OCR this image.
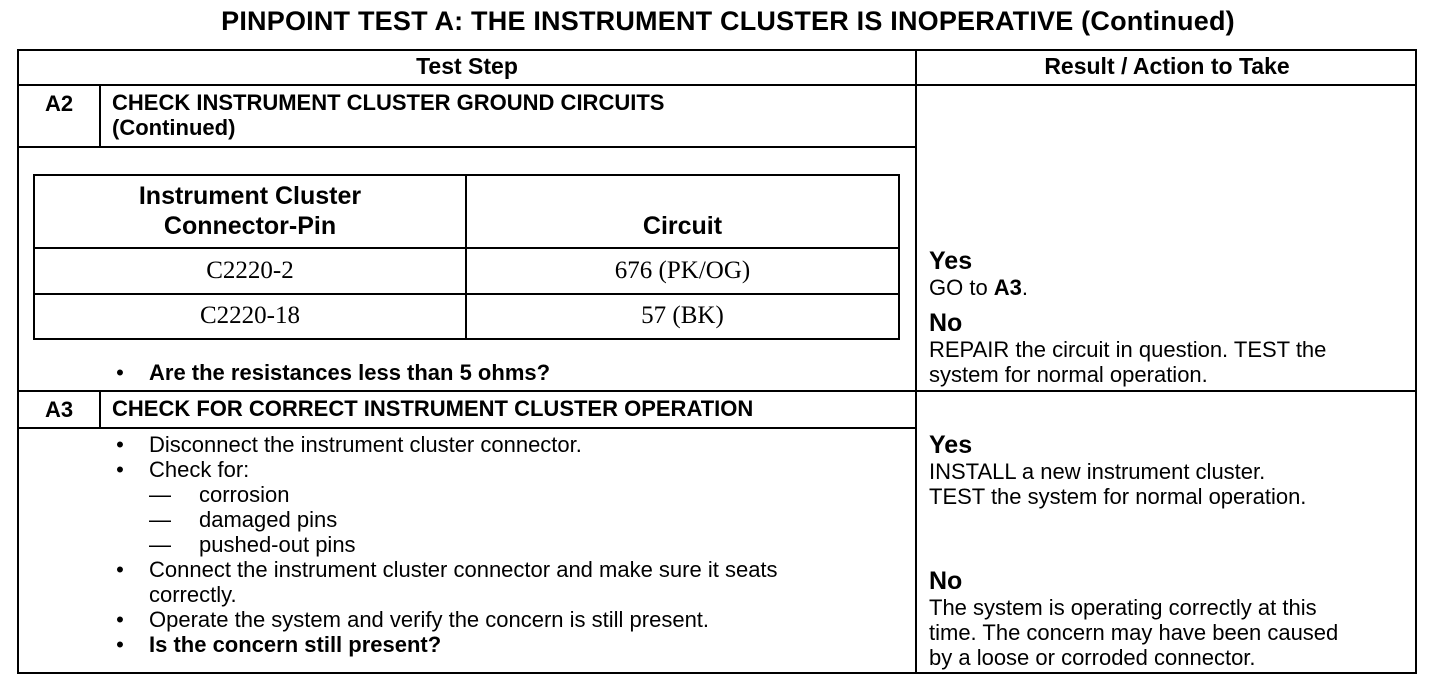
PINPOINT TEST A: THE INSTRUMENT CLUSTER IS INOPERATIVE (Continued)
Test Step	Result / Action to Take
A2	CHECK INSTRUMENT CLUSTER GROUND CIRCUITS
(Continued)
Instrument Cluster
Connector-Pin	Circuit
C2220-2	676 (PK/OG)
C2220-18	57 (BK)
•	Are the resistances less than 5 ohms?
Yes
GO to A3.
No
REPAIR the circuit in question. TEST the
system for normal operation.
A3	CHECK FOR CORRECT INSTRUMENT CLUSTER OPERATION
•	Disconnect the instrument cluster connector.
•	Check for:
—	corrosion
—	damaged pins
—	pushed-out pins
•	Connect the instrument cluster connector and make sure it seats
correctly.
•	Operate the system and verify the concern is still present.
•	Is the concern still present?
Yes
INSTALL a new instrument cluster.
TEST the system for normal operation.
No
The system is operating correctly at this
time. The concern may have been caused
by a loose or corroded connector.
